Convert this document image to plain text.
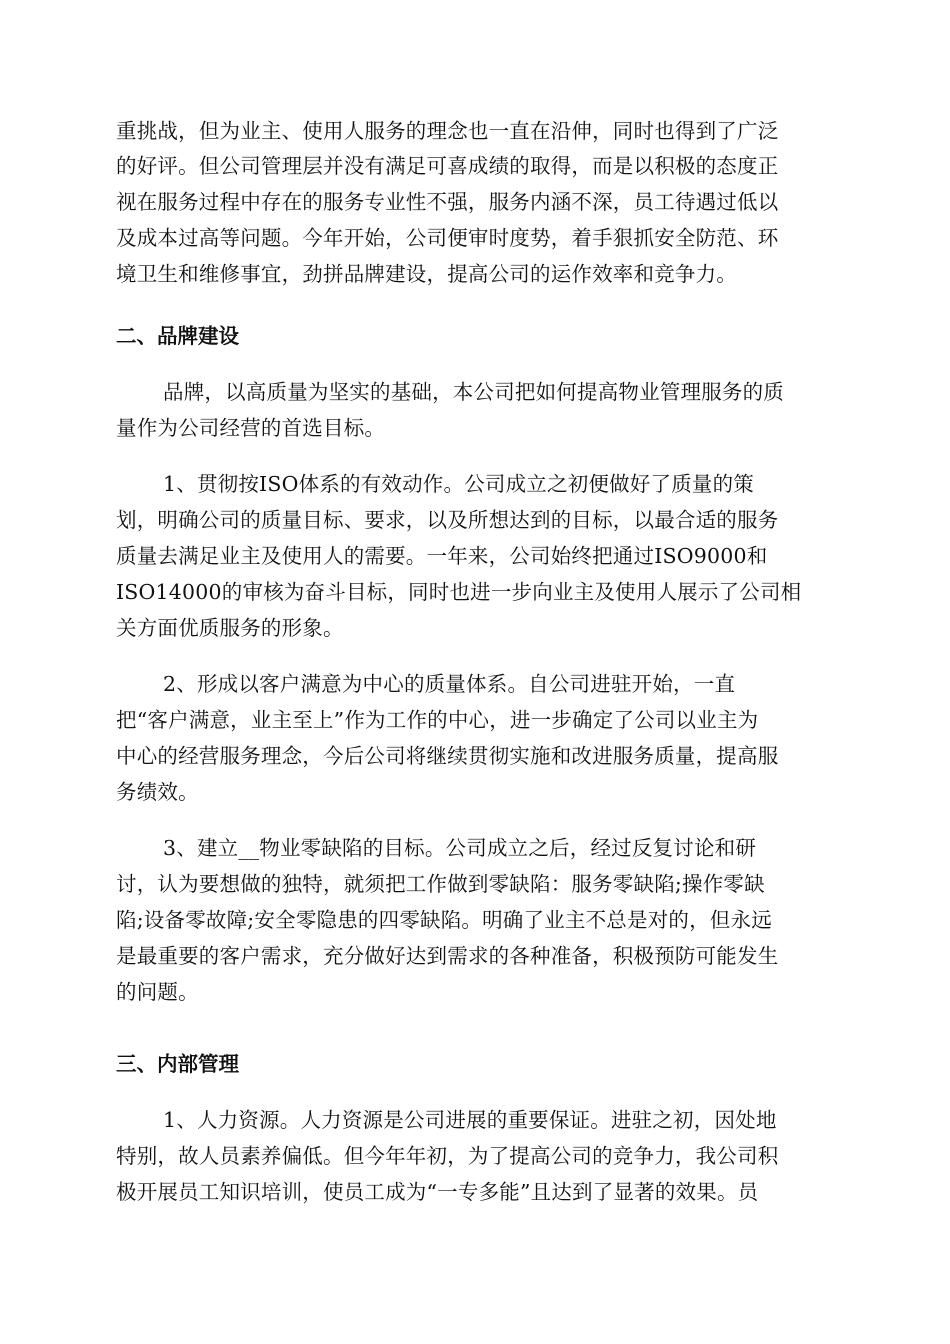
重挑战，但为业主、使用人服务的理念也一直在沿伸，同时也得到了广泛
的好评。但公司管理层并没有满足可喜成绩的取得，而是以积极的态度正
视在服务过程中存在的服务专业性不强，服务内涵不深，员工待遇过低以
及成本过高等问题。今年开始，公司便审时度势，着手狠抓安全防范、环
境卫生和维修事宜，劲拼品牌建设，提高公司的运作效率和竞争力。
二、品牌建设
品牌，以高质量为坚实的基础，本公司把如何提高物业管理服务的质
量作为公司经营的首选目标。
1、贯彻按ISO体系的有效动作。公司成立之初便做好了质量的策
划，明确公司的质量目标、要求，以及所想达到的目标，以最合适的服务
质量去满足业主及使用人的需要。一年来，公司始终把通过ISO9000和
ISO14000的审核为奋斗目标，同时也进一步向业主及使用人展示了公司相
关方面优质服务的形象。
2、形成以客户满意为中心的质量体系。自公司进驻开始，一直
把“客户满意，业主至上”作为工作的中心，进一步确定了公司以业主为
中心的经营服务理念，今后公司将继续贯彻实施和改进服务质量，提高服
务绩效。
3、建立__物业零缺陷的目标。公司成立之后，经过反复讨论和研
讨，认为要想做的独特，就须把工作做到零缺陷：服务零缺陷;操作零缺
陷;设备零故障;安全零隐患的四零缺陷。明确了业主不总是对的，但永远
是最重要的客户需求，充分做好达到需求的各种准备，积极预防可能发生
的问题。
三、内部管理
1、人力资源。人力资源是公司进展的重要保证。进驻之初，因处地
特别，故人员素养偏低。但今年年初，为了提高公司的竞争力，我公司积
极开展员工知识培训，使员工成为“一专多能”且达到了显著的效果。员
